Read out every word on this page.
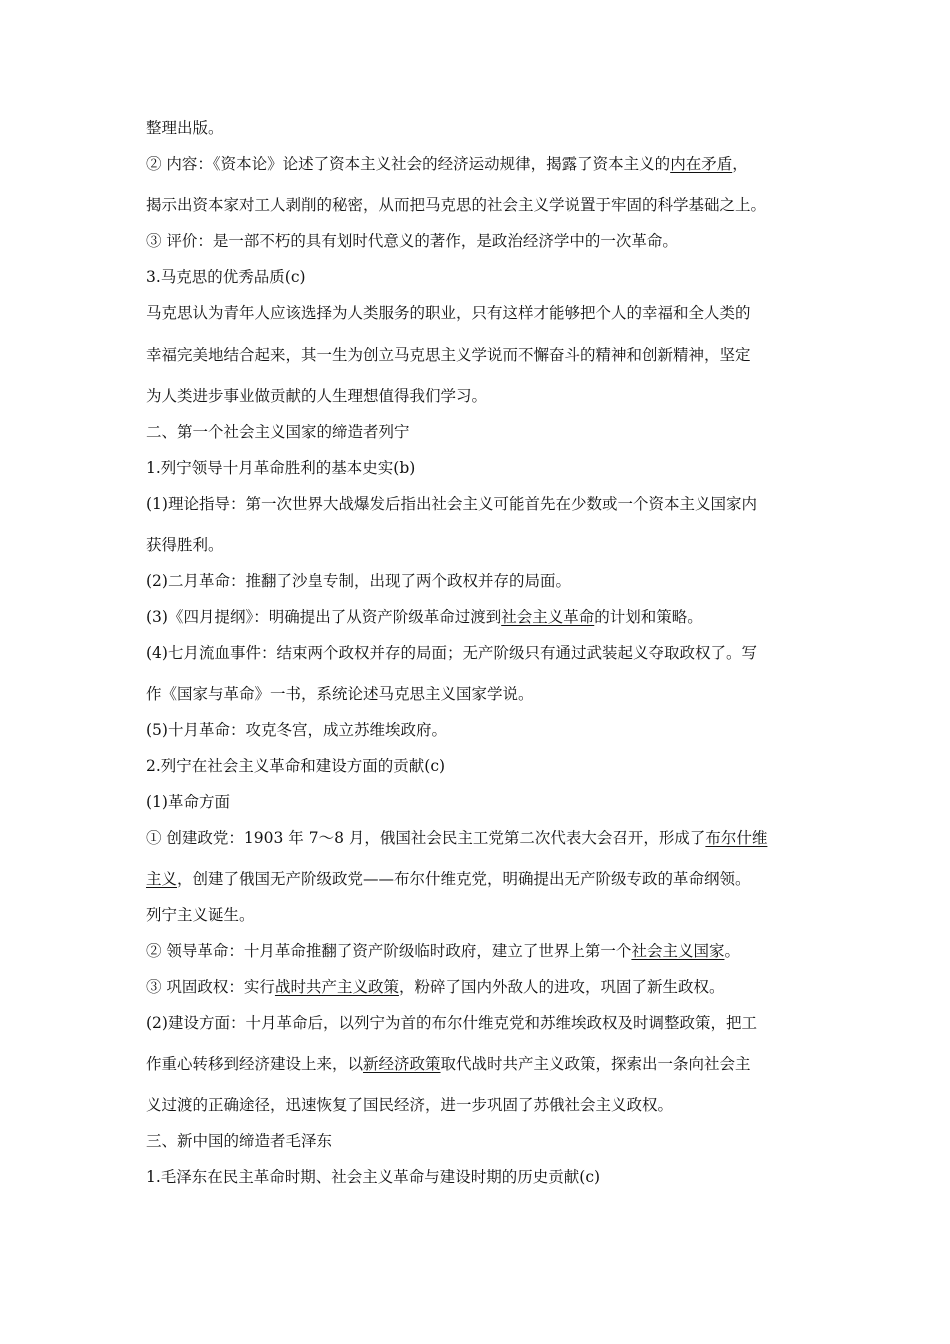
整理出版。
② 内容：《资本论》论述了资本主义社会的经济运动规律，揭露了资本主义的内在矛盾，
揭示出资本家对工人剥削的秘密，从而把马克思的社会主义学说置于牢固的科学基础之上。
③ 评价：是一部不朽的具有划时代意义的著作，是政治经济学中的一次革命。
3.马克思的优秀品质(c)
马克思认为青年人应该选择为人类服务的职业，只有这样才能够把个人的幸福和全人类的
幸福完美地结合起来，其一生为创立马克思主义学说而不懈奋斗的精神和创新精神，坚定
为人类进步事业做贡献的人生理想值得我们学习。
二、第一个社会主义国家的缔造者列宁
1.列宁领导十月革命胜利的基本史实(b)
(1)理论指导：第一次世界大战爆发后指出社会主义可能首先在少数或一个资本主义国家内
获得胜利。
(2)二月革命：推翻了沙皇专制，出现了两个政权并存的局面。
(3)《四月提纲》：明确提出了从资产阶级革命过渡到社会主义革命的计划和策略。
(4)七月流血事件：结束两个政权并存的局面；无产阶级只有通过武装起义夺取政权了。写
作《国家与革命》一书，系统论述马克思主义国家学说。
(5)十月革命：攻克冬宫，成立苏维埃政府。
2.列宁在社会主义革命和建设方面的贡献(c)
(1)革命方面
① 创建政党：1903 年 7～8 月，俄国社会民主工党第二次代表大会召开，形成了布尔什维
主义，创建了俄国无产阶级政党——布尔什维克党，明确提出无产阶级专政的革命纲领。
列宁主义诞生。
② 领导革命：十月革命推翻了资产阶级临时政府，建立了世界上第一个社会主义国家。
③ 巩固政权：实行战时共产主义政策，粉碎了国内外敌人的进攻，巩固了新生政权。
(2)建设方面：十月革命后，以列宁为首的布尔什维克党和苏维埃政权及时调整政策，把工
作重心转移到经济建设上来，以新经济政策取代战时共产主义政策，探索出一条向社会主
义过渡的正确途径，迅速恢复了国民经济，进一步巩固了苏俄社会主义政权。
三、新中国的缔造者毛泽东
1.毛泽东在民主革命时期、社会主义革命与建设时期的历史贡献(c)
